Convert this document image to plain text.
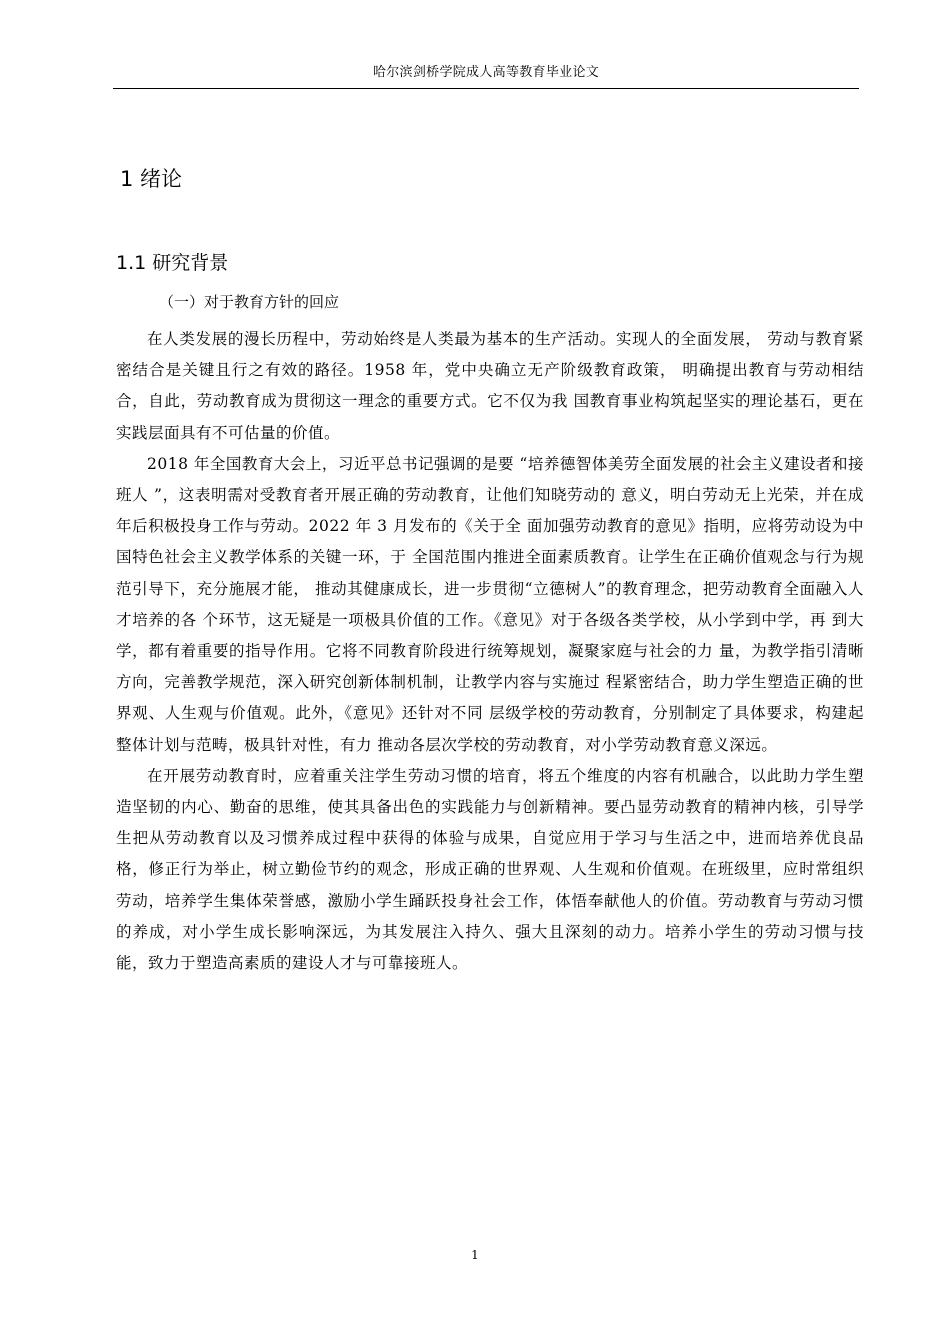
哈尔滨剑桥学院成人高等教育毕业论文
1 绪论
1.1 研究背景
（一）对于教育方针的回应

在人类发展的漫长历程中，劳动始终是人类最为基本的生产活动。实现人的全面发展， 劳动与教育紧密结合是关键且行之有效的路径。1958 年，党中央确立无产阶级教育政策， 明确提出教育与劳动相结合，自此，劳动教育成为贯彻这一理念的重要方式。它不仅为我 国教育事业构筑起坚实的理论基石，更在实践层面具有不可估量的价值。

2018 年全国教育大会上，习近平总书记强调的是要 “培养德智体美劳全面发展的社会主义建设者和接班人 ”，这表明需对受教育者开展正确的劳动教育，让他们知晓劳动的 意义，明白劳动无上光荣，并在成年后积极投身工作与劳动。2022 年 3 月发布的《关于全 面加强劳动教育的意见》指明，应将劳动设为中国特色社会主义教学体系的关键一环，于 全国范围内推进全面素质教育。让学生在正确价值观念与行为规范引导下，充分施展才能， 推动其健康成长，进一步贯彻“立德树人”的教育理念，把劳动教育全面融入人才培养的各 个环节，这无疑是一项极具价值的工作。《意见》对于各级各类学校，从小学到中学，再 到大学，都有着重要的指导作用。它将不同教育阶段进行统筹规划，凝聚家庭与社会的力 量，为教学指引清晰方向，完善教学规范，深入研究创新体制机制，让教学内容与实施过 程紧密结合，助力学生塑造正确的世界观、人生观与价值观。此外，《意见》还针对不同 层级学校的劳动教育，分别制定了具体要求，构建起整体计划与范畴，极具针对性，有力 推动各层次学校的劳动教育，对小学劳动教育意义深远。

在开展劳动教育时，应着重关注学生劳动习惯的培育，将五个维度的内容有机融合，以此助力学生塑造坚韧的内心、勤奋的思维，使其具备出色的实践能力与创新精神。要凸显劳动教育的精神内核，引导学生把从劳动教育以及习惯养成过程中获得的体验与成果，自觉应用于学习与生活之中，进而培养优良品格，修正行为举止，树立勤俭节约的观念，形成正确的世界观、人生观和价值观。在班级里，应时常组织劳动，培养学生集体荣誉感，激励小学生踊跃投身社会工作，体悟奉献他人的价值。劳动教育与劳动习惯的养成，对小学生成长影响深远，为其发展注入持久、强大且深刻的动力。培养小学生的劳动习惯与技能，致力于塑造高素质的建设人才与可靠接班人。

1
